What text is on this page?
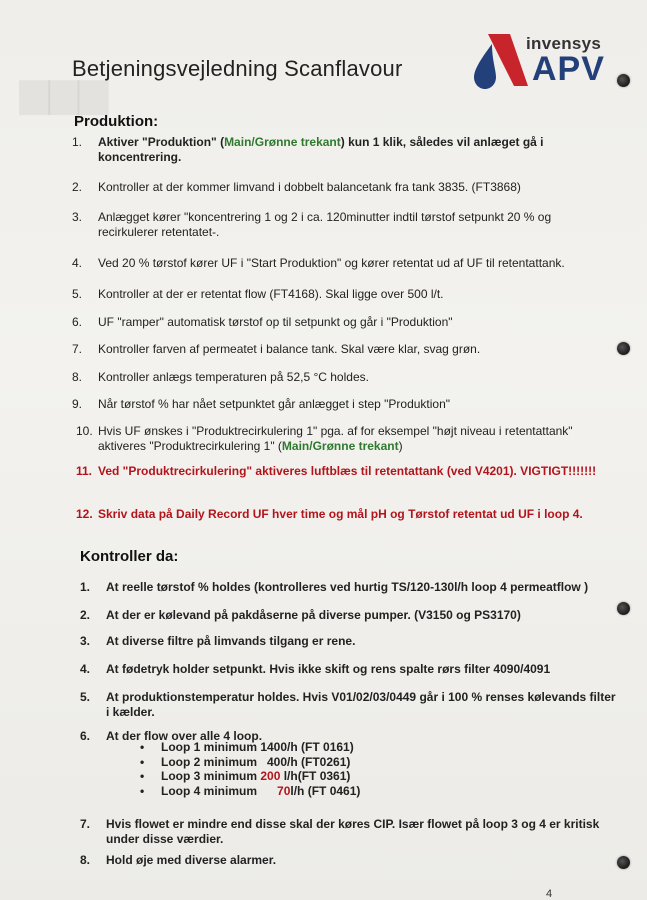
▆▆▆
Betjeningsvejledning Scanflavour
invensys
APV
Produktion:
1.	Aktiver "Produktion" (Main/Grønne trekant) kun 1 klik, således vil anlæget gå i koncentrering.
2.	Kontroller at der kommer limvand i dobbelt balancetank fra tank 3835. (FT3868)
3.	Anlægget kører "koncentrering 1 og 2 i ca. 120minutter indtil tørstof setpunkt 20 % og recirkulerer retentatet-.
4.	Ved 20 % tørstof kører UF i "Start Produktion" og kører retentat ud af UF til retentattank.
5.	Kontroller at der er retentat flow (FT4168). Skal ligge over 500 l/t.
6.	UF "ramper" automatisk tørstof op til setpunkt og går i "Produktion"
7.	Kontroller farven af permeatet i balance tank. Skal være klar, svag grøn.
8.	Kontroller anlægs temperaturen på 52,5 °C holdes.
9.	Når tørstof % har nået setpunktet går anlægget i step "Produktion"
10. Hvis UF ønskes i "Produktrecirkulering 1" pga. af for eksempel "højt niveau i retentattank" aktiveres "Produktrecirkulering 1" (Main/Grønne trekant)
11. Ved "Produktrecirkulering" aktiveres luftblæs til retentattank (ved V4201). VIGTIGT!!!!!!!
12. Skriv data på Daily Record UF hver time og mål pH og Tørstof retentat ud UF i loop 4.
Kontroller da:
1.	At reelle tørstof % holdes (kontrolleres ved hurtig TS/120-130l/h loop 4 permeatflow )
2.	At der er kølevand på pakdåserne på diverse pumper. (V3150 og PS3170)
3.	At diverse filtre på limvands tilgang er rene.
4.	At fødetryk holder setpunkt. Hvis ikke skift og rens spalte rørs filter 4090/4091
5.	At produktionstemperatur holdes. Hvis V01/02/03/0449 går i 100 % renses kølevands filter i kælder.
6.	At der flow over alle 4 loop.
7.	Hvis flowet er mindre end disse skal der køres CIP. Især flowet på loop 3 og 4 er kritisk under disse værdier.
8.	Hold øje med diverse alarmer.
• Loop 1 minimum 1400/h (FT 0161)
• Loop 2 minimum   400/h (FT0261)
• Loop 3 minimum 200 l/h(FT 0361)
• Loop 4 minimum      70l/h (FT 0461)
4
